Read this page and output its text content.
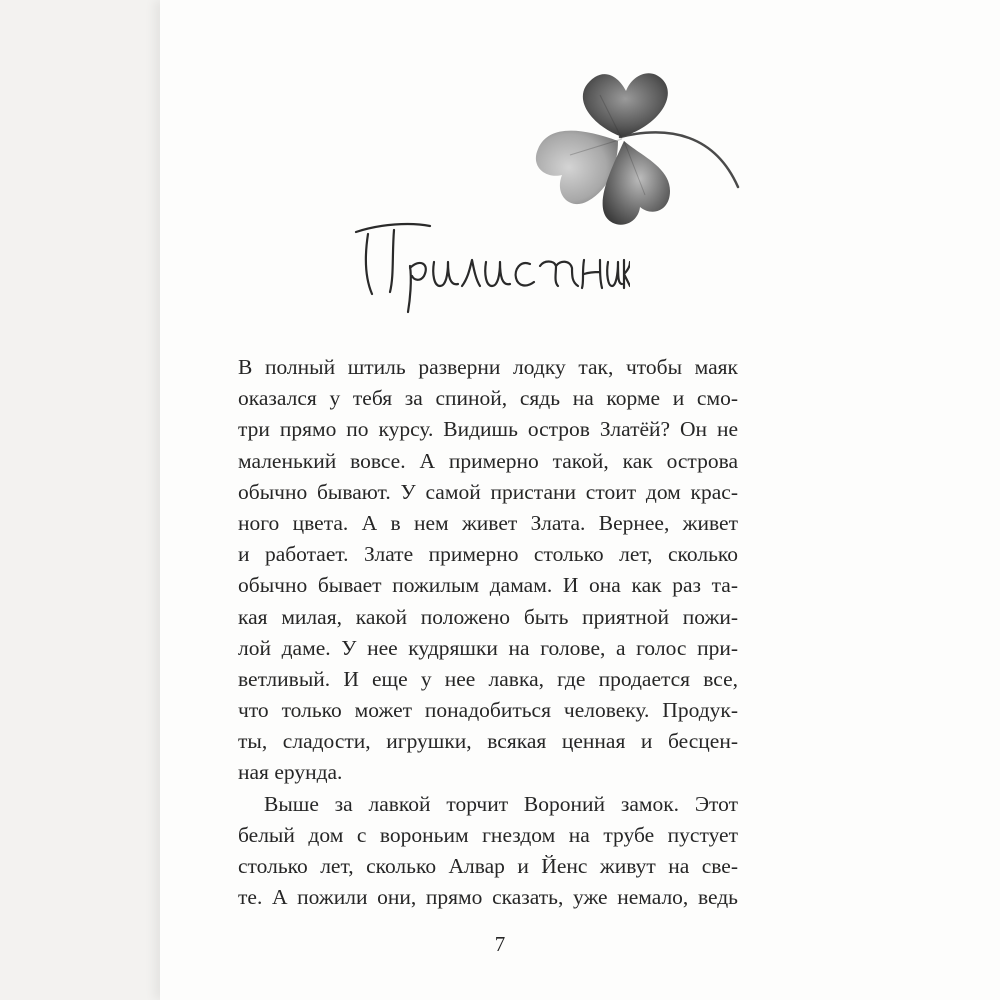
В полный штиль разверни лодку так, чтобы маяк
оказался у тебя за спиной, сядь на корме и смо-
три прямо по курсу. Видишь остров Златёй? Он не
маленький вовсе. А примерно такой, как острова
обычно бывают. У самой пристани стоит дом крас-
ного цвета. А в нем живет Злата. Вернее, живет
и работает. Злате примерно столько лет, сколько
обычно бывает пожилым дамам. И она как раз та-
кая милая, какой положено быть приятной пожи-
лой даме. У нее кудряшки на голове, а голос при-
ветливый. И еще у нее лавка, где продается все,
что только может понадобиться человеку. Продук-
ты, сладости, игрушки, всякая ценная и бесцен-
ная ерунда.
Выше за лавкой торчит Вороний замок. Этот
белый дом с вороньим гнездом на трубе пустует
столько лет, сколько Алвар и Йенс живут на све-
те. А пожили они, прямо сказать, уже немало, ведь
7
